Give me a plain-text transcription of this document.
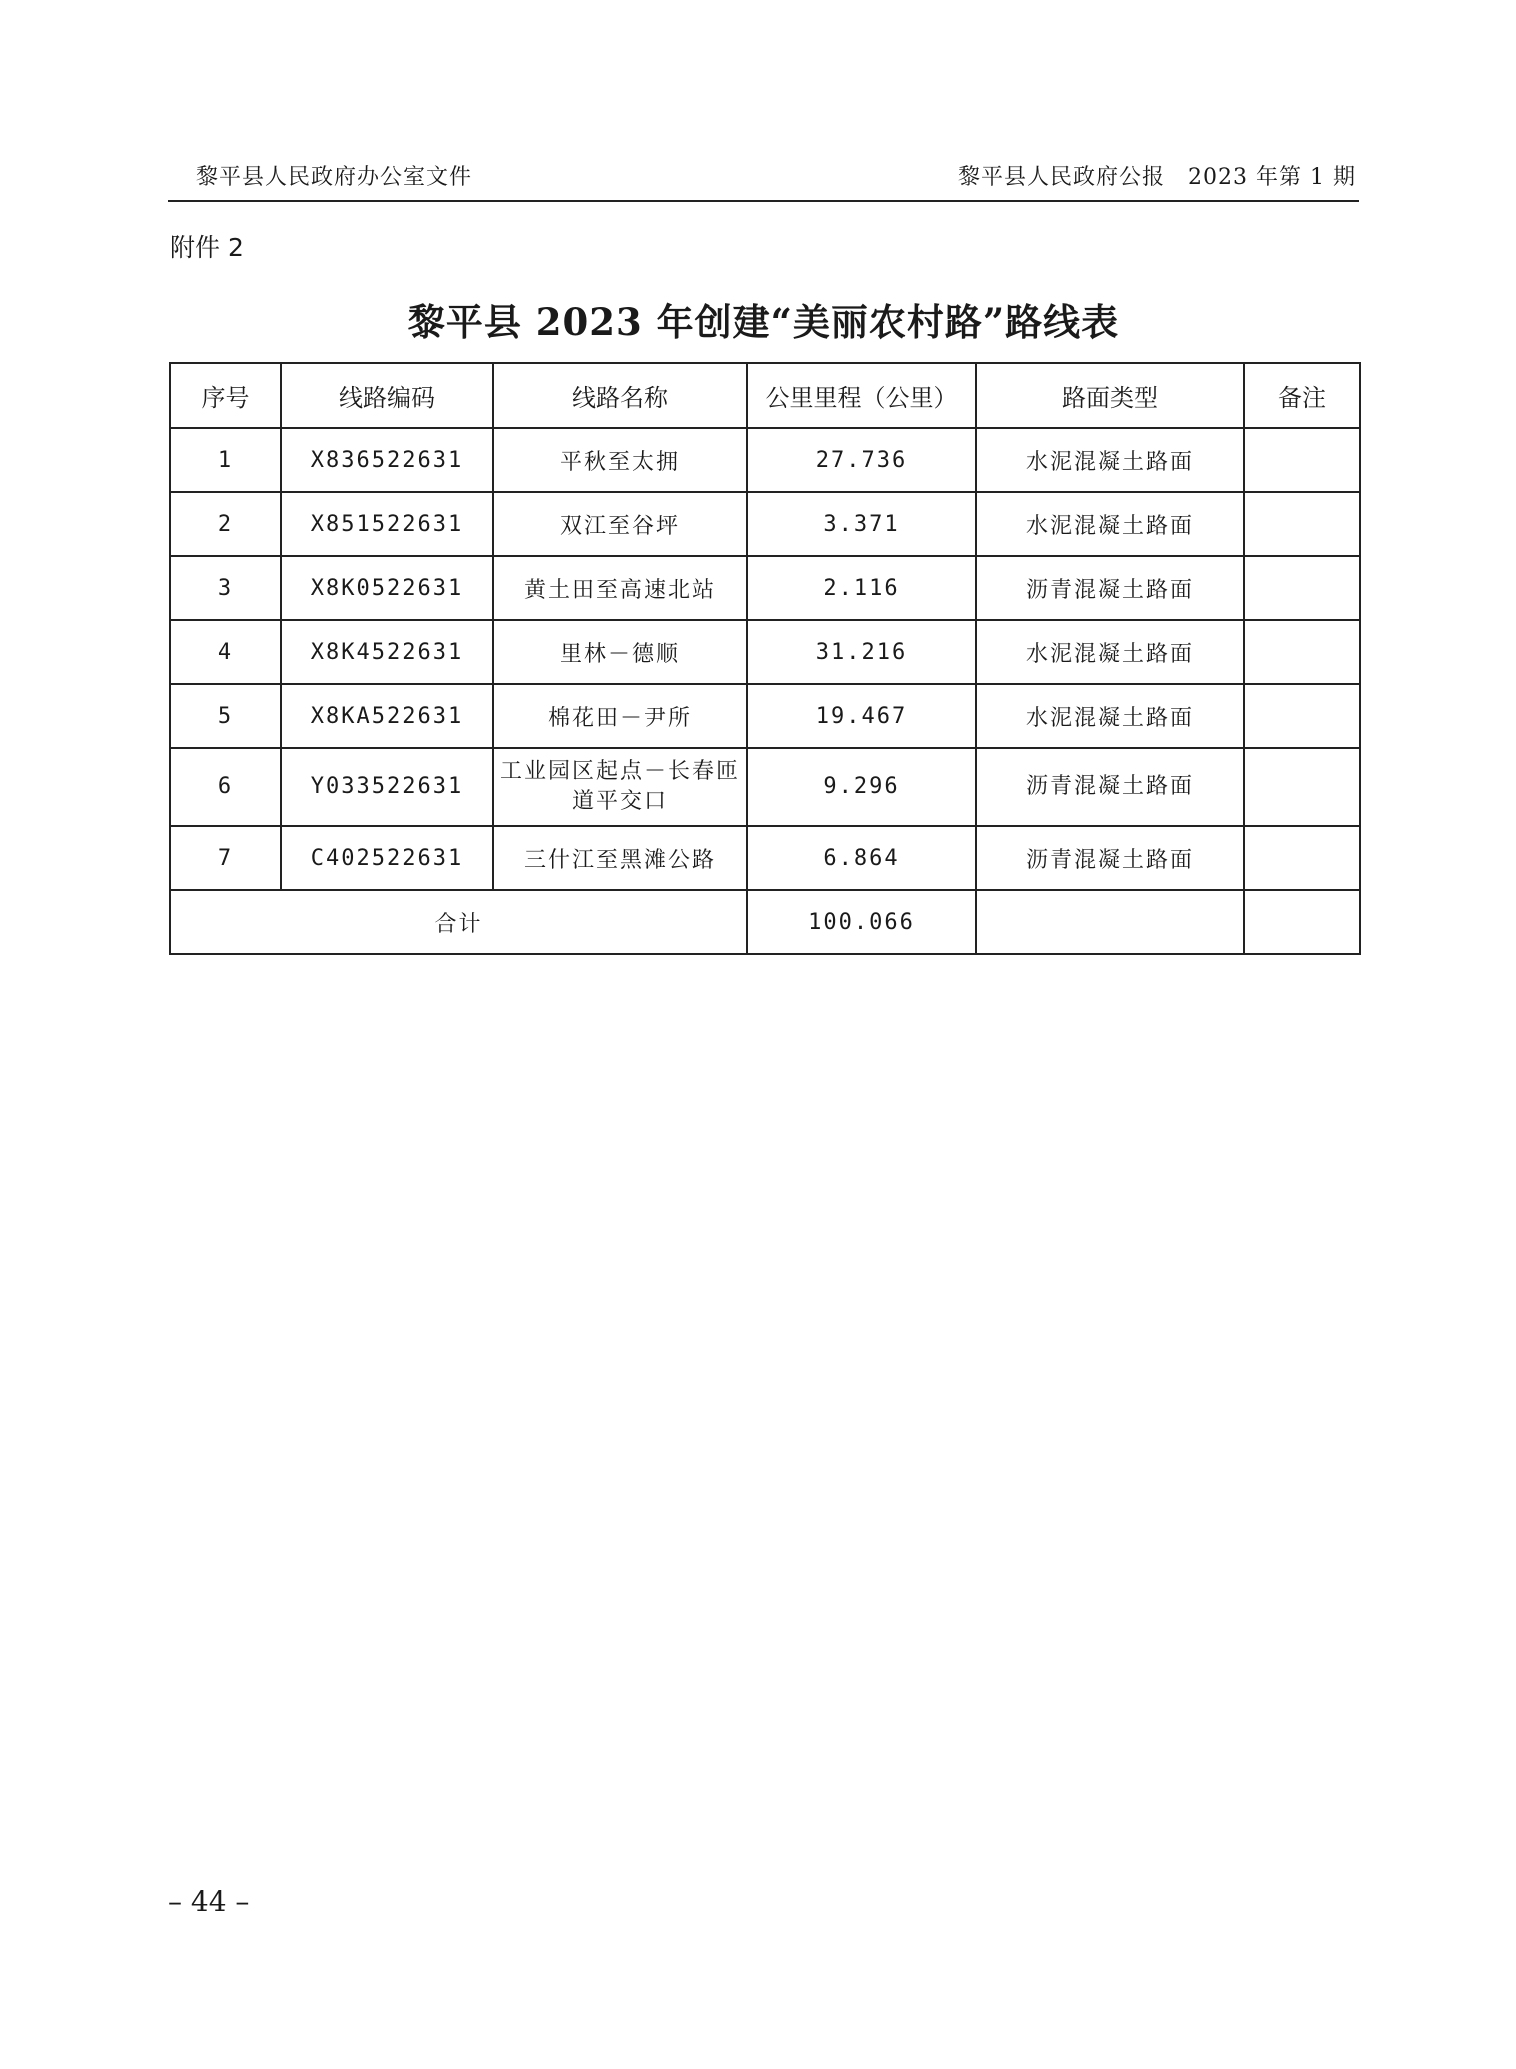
黎平县人民政府办公室文件	黎平县人民政府公报　2023 年第 1 期
附件 2
黎平县 2023 年创建“美丽农村路”路线表
序号	线路编码	线路名称	公里里程（公里）	路面类型	备注
1	X836522631	平秋至太拥	27.736	水泥混凝土路面	
2	X851522631	双江至谷坪	3.371	水泥混凝土路面	
3	X8K0522631	黄土田至高速北站	2.116	沥青混凝土路面	
4	X8K4522631	里林－德顺	31.216	水泥混凝土路面	
5	X8KA522631	棉花田－尹所	19.467	水泥混凝土路面	
6	Y033522631	工业园区起点－长春匝道平交口	9.296	沥青混凝土路面	
7	C402522631	三什江至黑滩公路	6.864	沥青混凝土路面	
合计			100.066		
– 44 –
